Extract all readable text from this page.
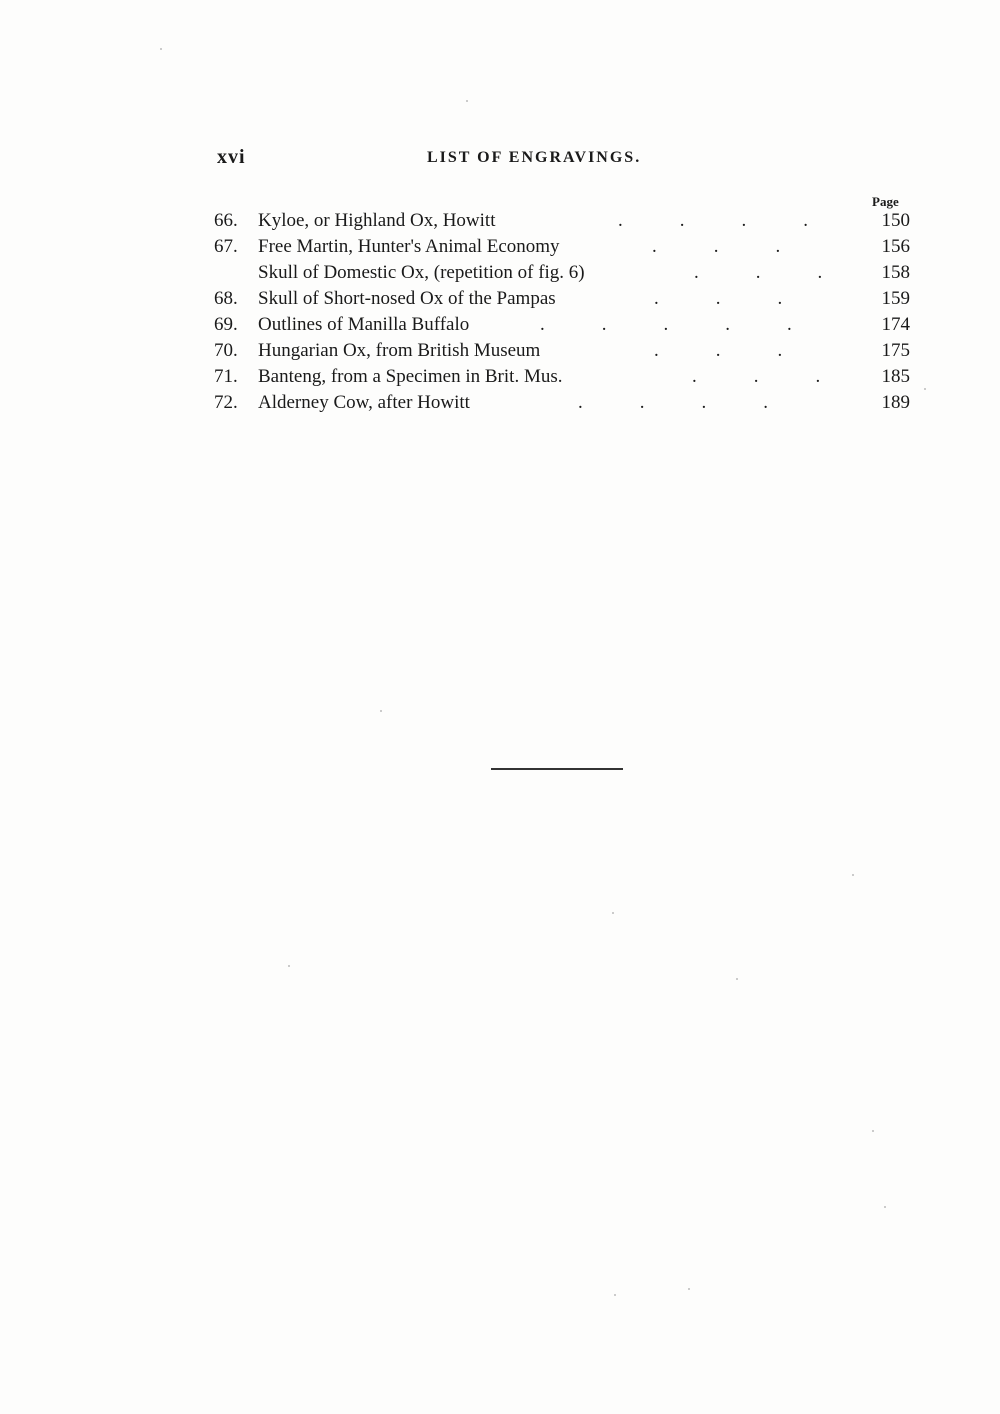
xvi	LIST OF ENGRAVINGS.
Page
66.	Kyloe, or Highland Ox, Howitt	.            .            .            .	150
67.	Free Martin, Hunter's Animal Economy	.            .            .	156
Skull of Domestic Ox, (repetition of fig. 6)	.            .            .	158
68.	Skull of Short-nosed Ox of the Pampas	.            .            .	159
69.	Outlines of Manilla Buffalo	.            .            .            .            .	174
70.	Hungarian Ox, from British Museum	.            .            .	175
71.	Banteng, from a Specimen in Brit. Mus.	.            .            .	185
72.	Alderney Cow, after Howitt	.            .            .            .	189
